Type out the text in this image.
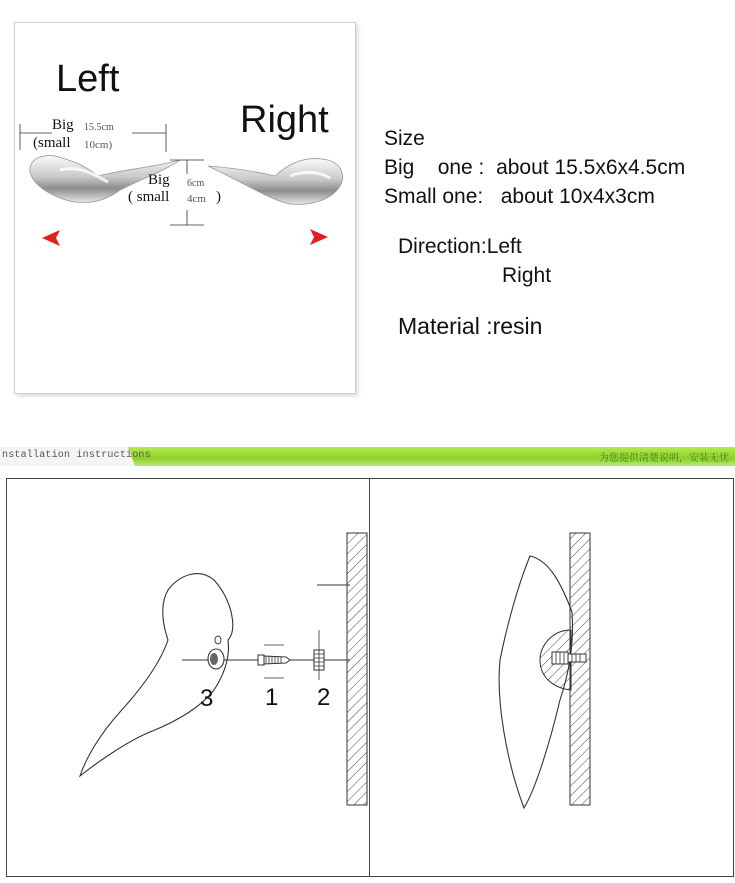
Left
Right
Big 15.5cm
(small 10cm)
Big 6cm
( small 4cm )
Size
Big    one :  about 15.5x6x4.5cm
Small one:   about 10x4x3cm
Direction:Left
Right
Material :resin
nstallation instructions	为您提供清楚说明，安装无忧
3 1 2
